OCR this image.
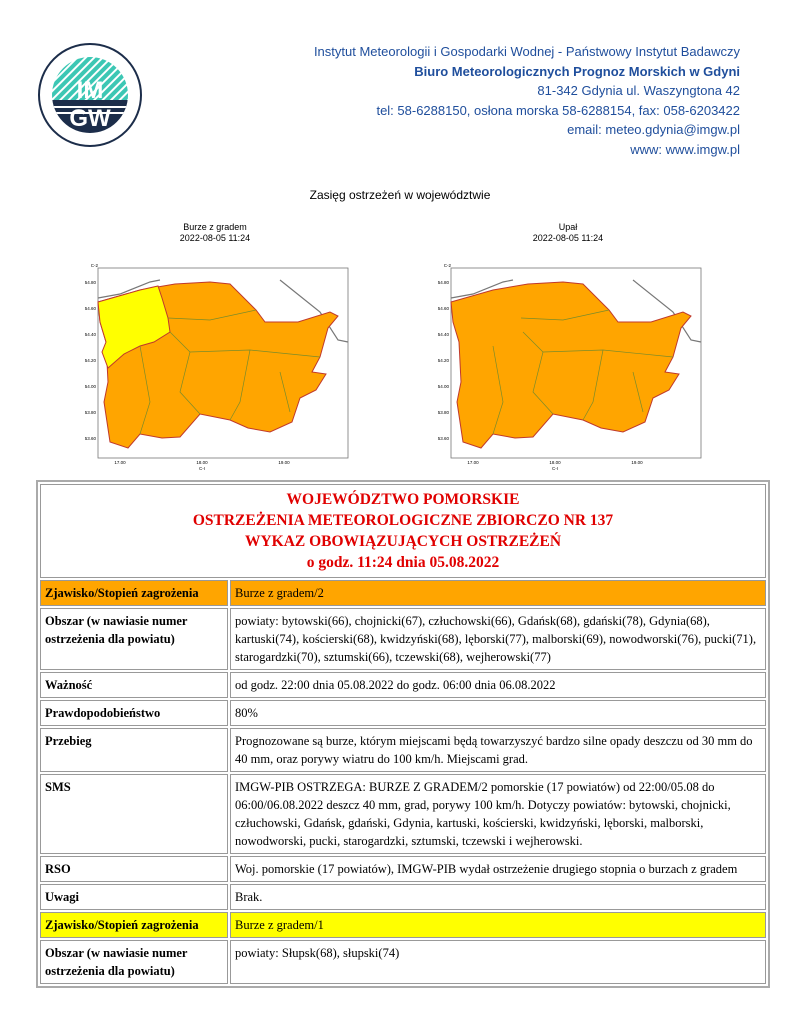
IM
GW
Instytut Meteorologii i Gospodarki Wodnej - Państwowy Instytut Badawczy
Biuro Meteorologicznych Prognoz Morskich w Gdyni
81-342 Gdynia ul. Waszyngtona 42
tel: 58-6288150, osłona morska 58-6288154, fax: 058-6203422
email: meteo.gdynia@imgw.pl
www: www.imgw.pl
Zasięg ostrzeżeń w województwie
Burze z gradem
2022-08-05 11:24
Upał
2022-08-05 11:24
54.80
54.60
54.40
54.20
54.00
53.80
53.60
17.00	18.00	19.00
C-I
C-2
54.80
54.60
54.40
54.20
54.00
53.80
53.60
17.00	18.00	19.00
C-I
C-2
WOJEWÓDZTWO POMORSKIE
OSTRZEŻENIA METEOROLOGICZNE ZBIORCZO NR 137
WYKAZ OBOWIĄZUJĄCYCH OSTRZEŻEŃ
o godz. 11:24 dnia 05.08.2022	

Zjawisko/Stopień zagrożenia	Burze z gradem/2
Obszar (w nawiasie numer ostrzeżenia dla powiatu)	powiaty: bytowski(66), chojnicki(67), człuchowski(66), Gdańsk(68), gdański(78), Gdynia(68), kartuski(74), kościerski(68), kwidzyński(68), lęborski(77), malborski(69), nowodworski(76), pucki(71), starogardzki(70), sztumski(66), tczewski(68), wejherowski(77)
Ważność	od godz. 22:00 dnia 05.08.2022 do godz. 06:00 dnia 06.08.2022
Prawdopodobieństwo	80%
Przebieg	Prognozowane są burze, którym miejscami będą towarzyszyć bardzo silne opady deszczu od 30 mm do 40 mm, oraz porywy wiatru do 100 km/h. Miejscami grad.
SMS	IMGW-PIB OSTRZEGA: BURZE Z GRADEM/2 pomorskie (17 powiatów) od 22:00/05.08 do 06:00/06.08.2022 deszcz 40 mm, grad, porywy 100 km/h. Dotyczy powiatów: bytowski, chojnicki, człuchowski, Gdańsk, gdański, Gdynia, kartuski, kościerski, kwidzyński, lęborski, malborski, nowodworski, pucki, starogardzki, sztumski, tczewski i wejherowski.
RSO	Woj. pomorskie (17 powiatów), IMGW-PIB wydał ostrzeżenie drugiego stopnia o burzach z gradem
Uwagi	Brak.
Zjawisko/Stopień zagrożenia	Burze z gradem/1
Obszar (w nawiasie numer ostrzeżenia dla powiatu)	powiaty: Słupsk(68), słupski(74)
